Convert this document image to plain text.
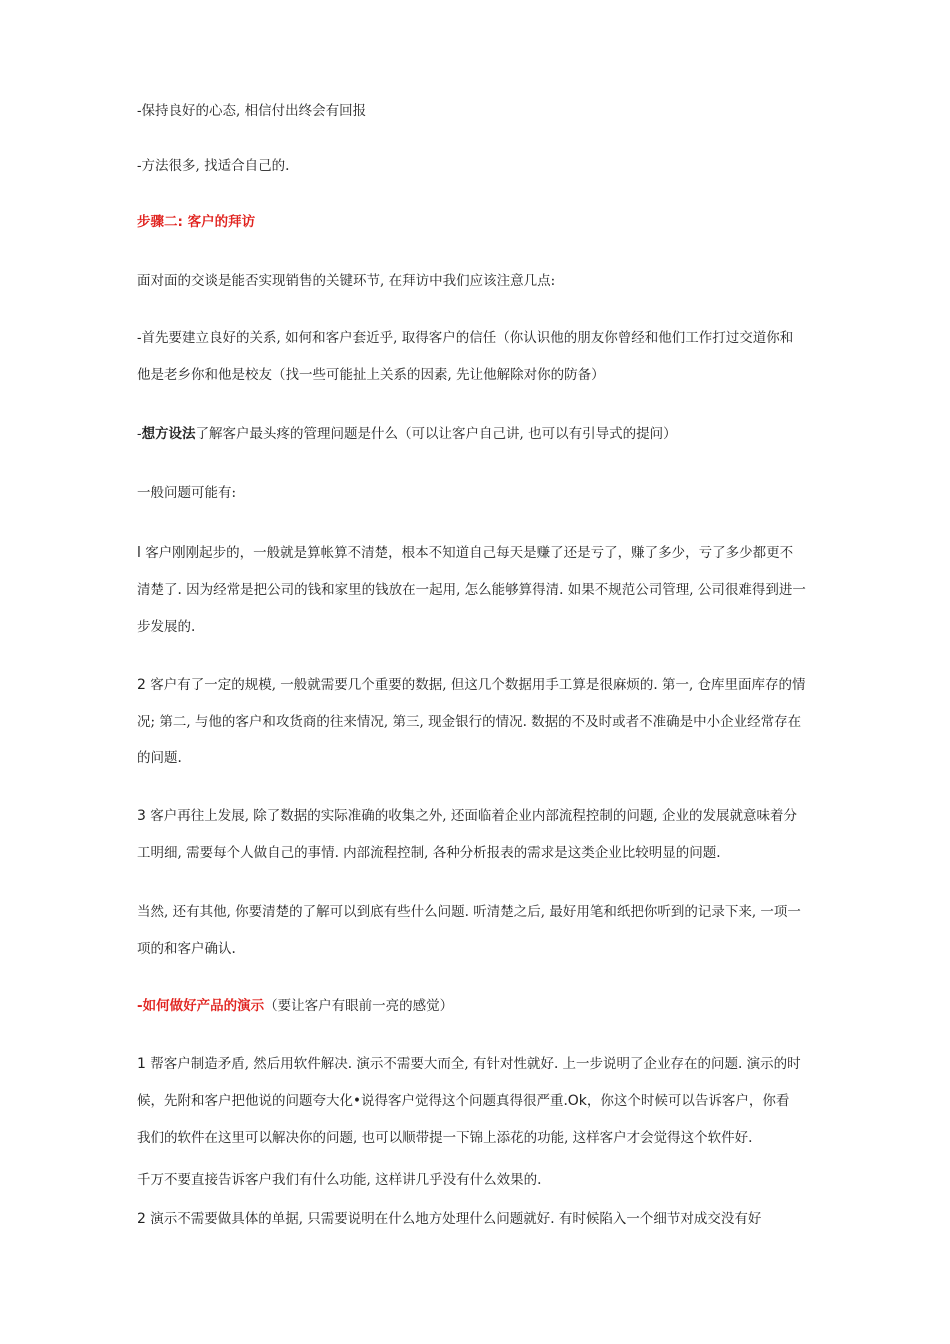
-保持良好的心态, 相信付出终会有回报
-方法很多, 找适合自己的.
步骤二: 客户的拜访
面对面的交谈是能否实现销售的关键环节, 在拜访中我们应该注意几点:
-首先要建立良好的关系, 如何和客户套近乎, 取得客户的信任（你认识他的朋友你曾经和他们工作打过交道你和
他是老乡你和他是校友（找一些可能扯上关系的因素, 先让他解除对你的防备）
-想方设法了解客户最头疼的管理问题是什么（可以让客户自己讲, 也可以有引导式的提问）
一般问题可能有:
l 客户刚刚起步的，一般就是算帐算不清楚，根本不知道自己每天是赚了还是亏了，赚了多少，亏了多少都更不
清楚了. 因为经常是把公司的钱和家里的钱放在一起用, 怎么能够算得清. 如果不规范公司管理, 公司很难得到进一
步发展的.
2 客户有了一定的规模, 一般就需要几个重要的数据, 但这几个数据用手工算是很麻烦的. 第一, 仓库里面库存的情
况; 第二, 与他的客户和攻货商的往来情况, 第三, 现金银行的情况. 数据的不及时或者不准确是中小企业经常存在
的问题.
3 客户再往上发展, 除了数据的实际准确的收集之外, 还面临着企业内部流程控制的问题, 企业的发展就意味着分
工明细, 需要每个人做自己的事情. 内部流程控制, 各种分析报表的需求是这类企业比较明显的问题.
当然, 还有其他, 你要清楚的了解可以到底有些什么问题. 听清楚之后, 最好用笔和纸把你听到的记录下来, 一项一
项的和客户确认.
-如何做好产品的演示（要让客户有眼前一亮的感觉）
1 帮客户制造矛盾, 然后用软件解决. 演示不需要大而全, 有针对性就好. 上一步说明了企业存在的问题. 演示的时
候，先附和客户把他说的问题夸大化•说得客户觉得这个问题真得很严重.Ok，你这个时候可以告诉客户，你看
我们的软件在这里可以解决你的问题, 也可以顺带提一下锦上添花的功能, 这样客户才会觉得这个软件好.
千万不要直接告诉客户我们有什么功能, 这样讲几乎没有什么效果的.
2 演示不需要做具体的单据, 只需要说明在什么地方处理什么问题就好. 有时候陷入一个细节对成交没有好
